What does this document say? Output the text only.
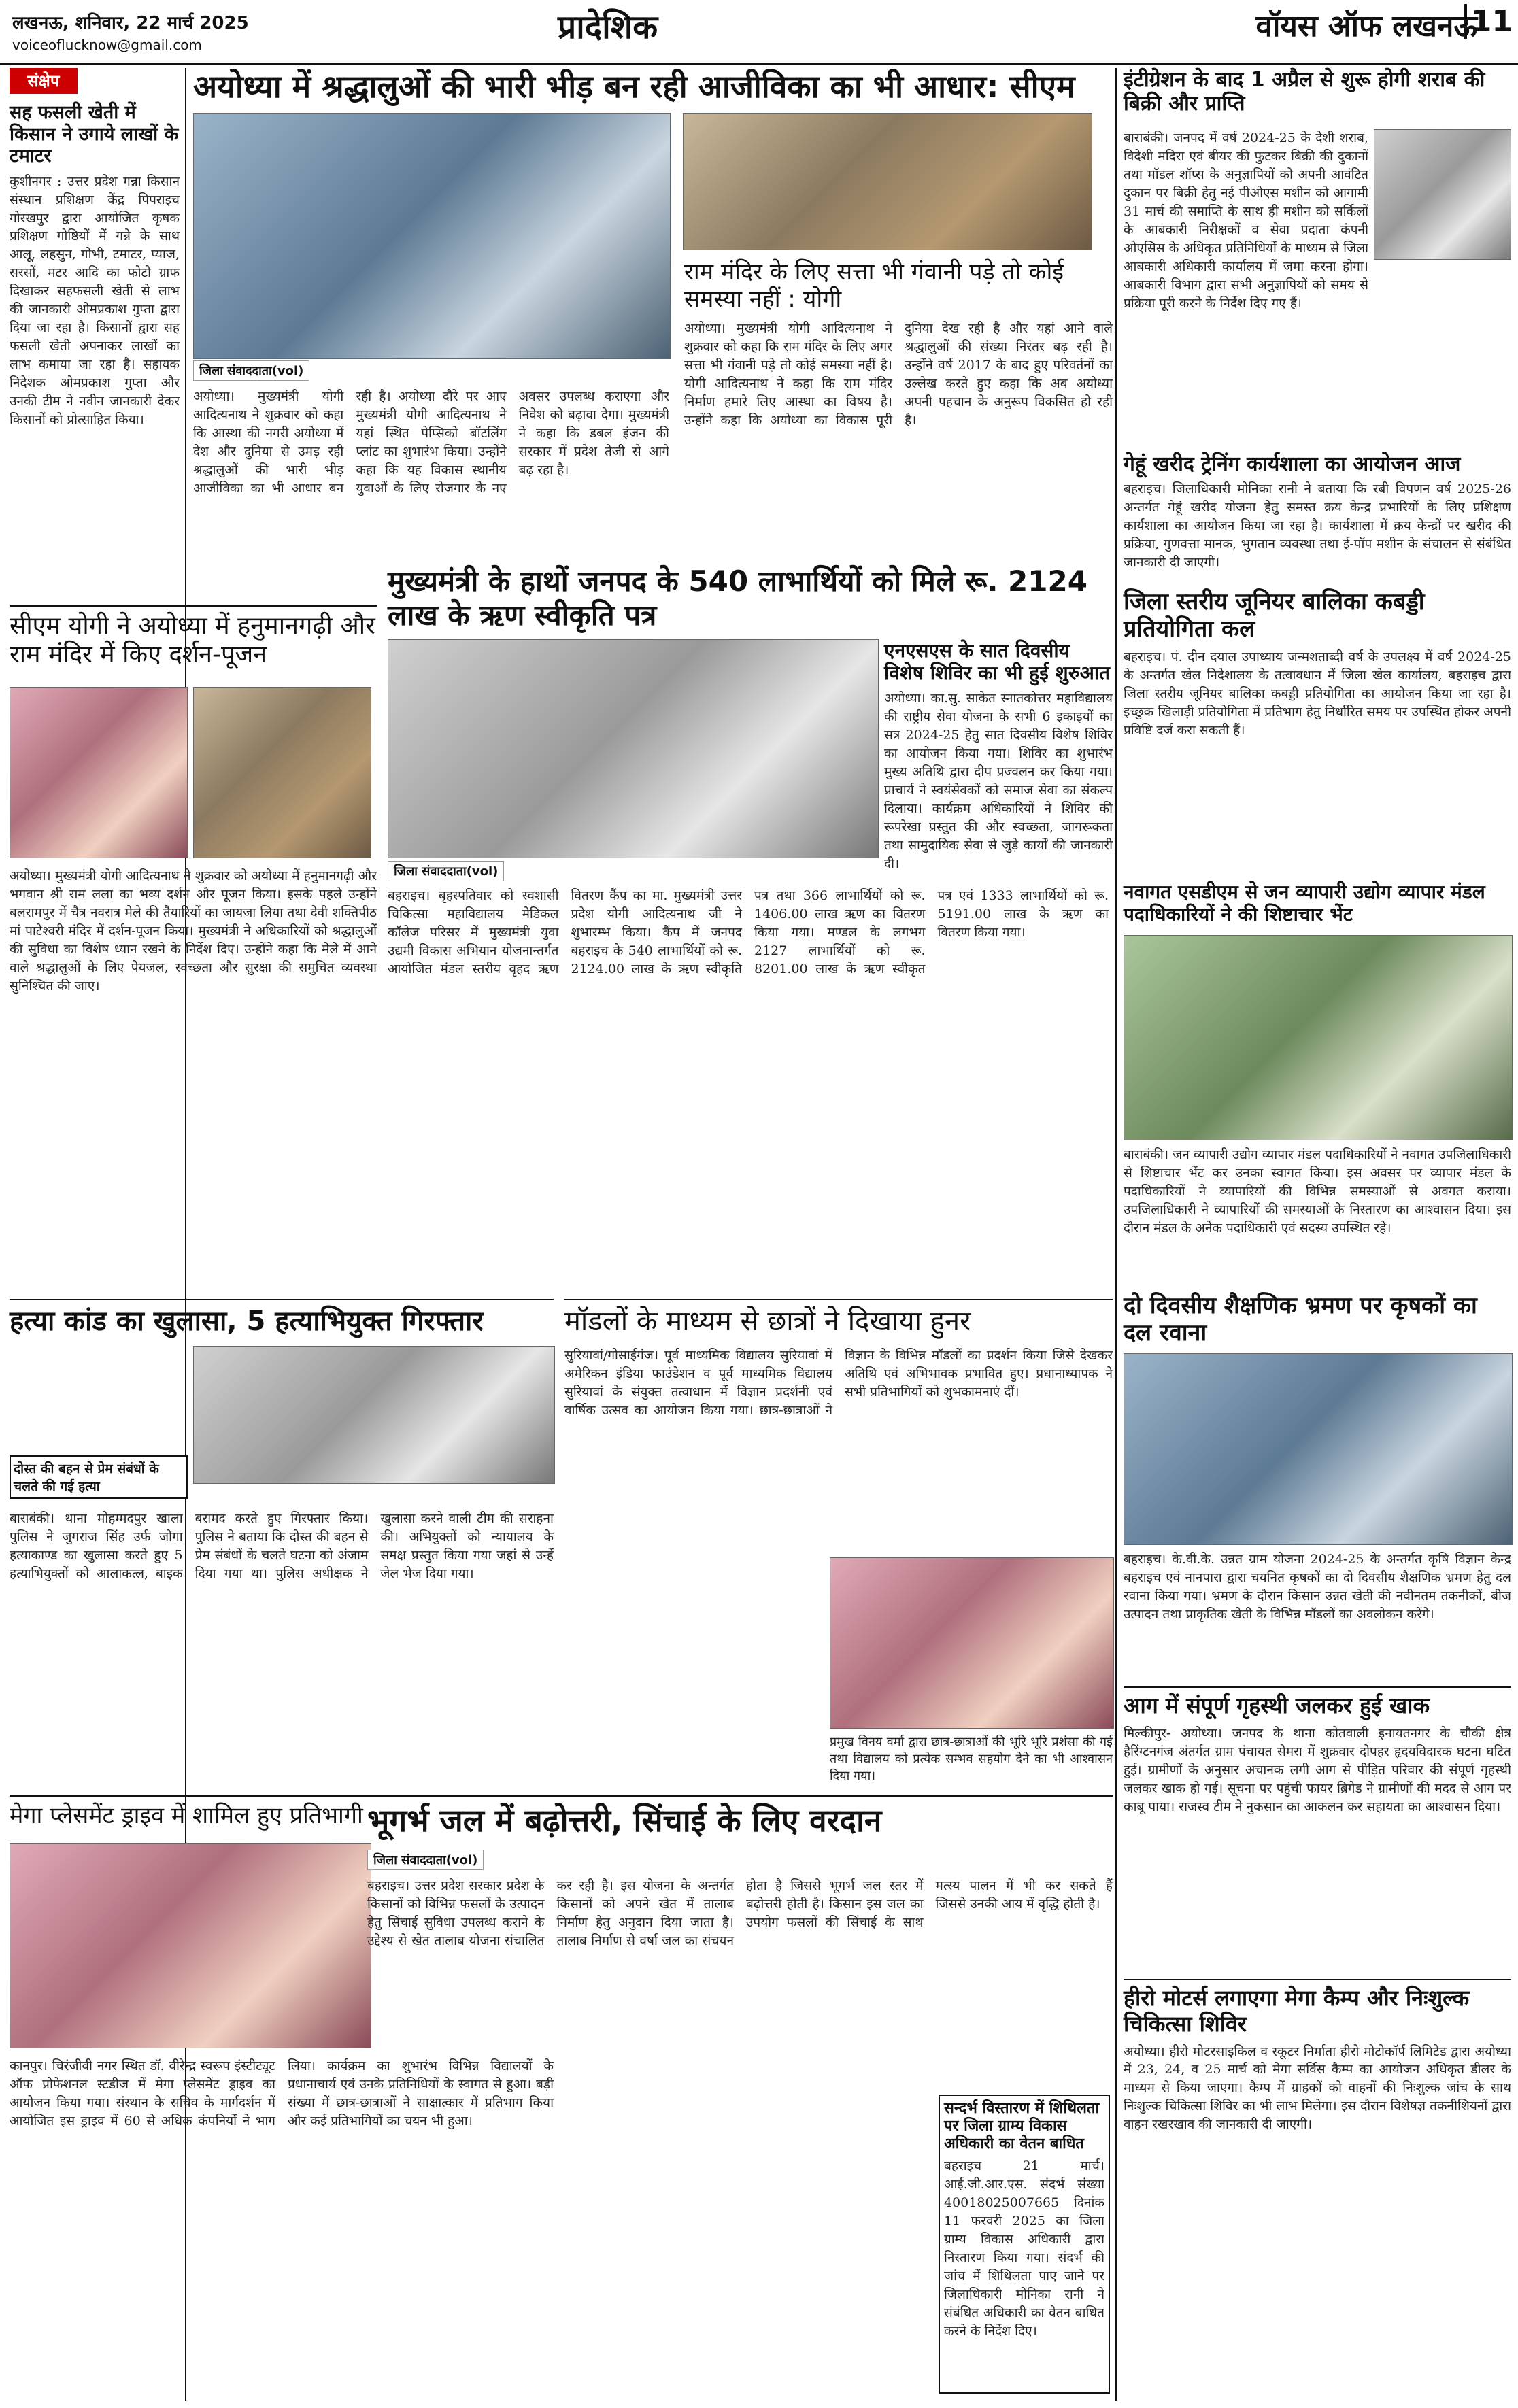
लखनऊ, शनिवार, 22 मार्च 2025
voiceoflucknow@gmail.com	प्रादेशिक	वॉयस ऑफ लखनऊ
11
संक्षेप
सह फसली खेती में किसान ने उगाये लाखों के टमाटर
कुशीनगर : उत्तर प्रदेश गन्ना किसान संस्थान प्रशिक्षण केंद्र पिपराइच गोरखपुर द्वारा आयोजित कृषक प्रशिक्षण गोष्ठियों में गन्ने के साथ आलू, लहसुन, गोभी, टमाटर, प्याज, सरसों, मटर आदि का फोटो ग्राफ दिखाकर सहफसली खेती से लाभ की जानकारी ओमप्रकाश गुप्ता द्वारा दिया जा रहा है। किसानों द्वारा सह फसली खेती अपनाकर लाखों का लाभ कमाया जा रहा है। सहायक निदेशक ओमप्रकाश गुप्ता और उनकी टीम ने नवीन जानकारी देकर किसानों को प्रोत्साहित किया।
अयोध्या में श्रद्धालुओं की भारी भीड़ बन रही आजीविका का भी आधार: सीएम
जिला संवाददाता(vol)
अयोध्या। मुख्यमंत्री योगी आदित्यनाथ ने शुक्रवार को कहा कि आस्था की नगरी अयोध्या में देश और दुनिया से उमड़ रही श्रद्धालुओं की भारी भीड़ आजीविका का भी आधार बन रही है। अयोध्या दौरे पर आए मुख्यमंत्री योगी आदित्यनाथ ने यहां स्थित पेप्सिको बॉटलिंग प्लांट का शुभारंभ किया। उन्होंने कहा कि यह विकास स्थानीय युवाओं के लिए रोजगार के नए अवसर उपलब्ध कराएगा और निवेश को बढ़ावा देगा। मुख्यमंत्री ने कहा कि डबल इंजन की सरकार में प्रदेश तेजी से आगे बढ़ रहा है।
राम मंदिर के लिए सत्ता भी गंवानी पड़े तो कोई समस्या नहीं : योगी
अयोध्या। मुख्यमंत्री योगी आदित्यनाथ ने शुक्रवार को कहा कि राम मंदिर के लिए अगर सत्ता भी गंवानी पड़े तो कोई समस्या नहीं है। योगी आदित्यनाथ ने कहा कि राम मंदिर निर्माण हमारे लिए आस्था का विषय है। उन्होंने कहा कि अयोध्या का विकास पूरी दुनिया देख रही है और यहां आने वाले श्रद्धालुओं की संख्या निरंतर बढ़ रही है। उन्होंने वर्ष 2017 के बाद हुए परिवर्तनों का उल्लेख करते हुए कहा कि अब अयोध्या अपनी पहचान के अनुरूप विकसित हो रही है।
सीएम योगी ने अयोध्या में हनुमानगढ़ी और राम मंदिर में किए दर्शन-पूजन
अयोध्या। मुख्यमंत्री योगी आदित्यनाथ ने शुक्रवार को अयोध्या में हनुमानगढ़ी और भगवान श्री राम लला का भव्य दर्शन और पूजन किया। इसके पहले उन्होंने बलरामपुर में चैत्र नवरात्र मेले की तैयारियों का जायजा लिया तथा देवी शक्तिपीठ मां पाटेश्वरी मंदिर में दर्शन-पूजन किया। मुख्यमंत्री ने अधिकारियों को श्रद्धालुओं की सुविधा का विशेष ध्यान रखने के निर्देश दिए। उन्होंने कहा कि मेले में आने वाले श्रद्धालुओं के लिए पेयजल, स्वच्छता और सुरक्षा की समुचित व्यवस्था सुनिश्चित की जाए।
मुख्यमंत्री के हाथों जनपद के 540 लाभार्थियों को मिले रू. 2124 लाख के ऋण स्वीकृति पत्र
जिला संवाददाता(vol)
बहराइच। बृहस्पतिवार को स्वशासी चिकित्सा महाविद्यालय मेडिकल कॉलेज परिसर में मुख्यमंत्री युवा उद्यमी विकास अभियान योजनान्तर्गत आयोजित मंडल स्तरीय वृहद ऋण वितरण कैंप का मा. मुख्यमंत्री उत्तर प्रदेश योगी आदित्यनाथ जी ने शुभारम्भ किया। कैंप में जनपद बहराइच के 540 लाभार्थियों को रू. 2124.00 लाख के ऋण स्वीकृति पत्र तथा 366 लाभार्थियों को रू. 1406.00 लाख ऋण का वितरण किया गया। मण्डल के लगभग 2127 लाभार्थियों को रू. 8201.00 लाख के ऋण स्वीकृत पत्र एवं 1333 लाभार्थियों को रू. 5191.00 लाख के ऋण का वितरण किया गया।
एनएसएस के सात दिवसीय विशेष शिविर का भी हुई शुरुआत
अयोध्या। का.सु. साकेत स्नातकोत्तर महाविद्यालय की राष्ट्रीय सेवा योजना के सभी 6 इकाइयों का सत्र 2024-25 हेतु सात दिवसीय विशेष शिविर का आयोजन किया गया। शिविर का शुभारंभ मुख्य अतिथि द्वारा दीप प्रज्वलन कर किया गया। प्राचार्य ने स्वयंसेवकों को समाज सेवा का संकल्प दिलाया। कार्यक्रम अधिकारियों ने शिविर की रूपरेखा प्रस्तुत की और स्वच्छता, जागरूकता तथा सामुदायिक सेवा से जुड़े कार्यों की जानकारी दी।
इंटीग्रेशन के बाद 1 अप्रैल से शुरू होगी शराब की बिक्री और प्राप्ति
बाराबंकी। जनपद में वर्ष 2024-25 के देशी शराब, विदेशी मदिरा एवं बीयर की फुटकर बिक्री की दुकानों तथा मॉडल शॉप्स के अनुज्ञापियों को अपनी आवंटित दुकान पर बिक्री हेतु नई पीओएस मशीन को आगामी 31 मार्च की समाप्ति के साथ ही मशीन को सर्किलों के आबकारी निरीक्षकों व सेवा प्रदाता कंपनी ओएसिस के अधिकृत प्रतिनिधियों के माध्यम से जिला आबकारी अधिकारी कार्यालय में जमा करना होगा। आबकारी विभाग द्वारा सभी अनुज्ञापियों को समय से प्रक्रिया पूरी करने के निर्देश दिए गए हैं।
गेहूं खरीद ट्रेनिंग कार्यशाला का आयोजन आज
बहराइच। जिलाधिकारी मोनिका रानी ने बताया कि रबी विपणन वर्ष 2025-26 अन्तर्गत गेहूं खरीद योजना हेतु समस्त क्रय केन्द्र प्रभारियों के लिए प्रशिक्षण कार्यशाला का आयोजन किया जा रहा है। कार्यशाला में क्रय केन्द्रों पर खरीद की प्रक्रिया, गुणवत्ता मानक, भुगतान व्यवस्था तथा ई-पॉप मशीन के संचालन से संबंधित जानकारी दी जाएगी।
जिला स्तरीय जूनियर बालिका कबड्डी प्रतियोगिता कल
बहराइच। पं. दीन दयाल उपाध्याय जन्मशताब्दी वर्ष के उपलक्ष्य में वर्ष 2024-25 के अन्तर्गत खेल निदेशालय के तत्वावधान में जिला खेल कार्यालय, बहराइच द्वारा जिला स्तरीय जूनियर बालिका कबड्डी प्रतियोगिता का आयोजन किया जा रहा है। इच्छुक खिलाड़ी प्रतियोगिता में प्रतिभाग हेतु निर्धारित समय पर उपस्थित होकर अपनी प्रविष्टि दर्ज करा सकती हैं।
नवागत एसडीएम से जन व्यापारी उद्योग व्यापार मंडल पदाधिकारियों ने की शिष्टाचार भेंट
बाराबंकी। जन व्यापारी उद्योग व्यापार मंडल पदाधिकारियों ने नवागत उपजिलाधिकारी से शिष्टाचार भेंट कर उनका स्वागत किया। इस अवसर पर व्यापार मंडल के पदाधिकारियों ने व्यापारियों की विभिन्न समस्याओं से अवगत कराया। उपजिलाधिकारी ने व्यापारियों की समस्याओं के निस्तारण का आश्वासन दिया। इस दौरान मंडल के अनेक पदाधिकारी एवं सदस्य उपस्थित रहे।
दो दिवसीय शैक्षणिक भ्रमण पर कृषकों का दल रवाना
बहराइच। के.वी.के. उन्नत ग्राम योजना 2024-25 के अन्तर्गत कृषि विज्ञान केन्द्र बहराइच एवं नानपारा द्वारा चयनित कृषकों का दो दिवसीय शैक्षणिक भ्रमण हेतु दल रवाना किया गया। भ्रमण के दौरान किसान उन्नत खेती की नवीनतम तकनीकों, बीज उत्पादन तथा प्राकृतिक खेती के विभिन्न मॉडलों का अवलोकन करेंगे।
हत्या कांड का खुलासा, 5 हत्याभियुक्त गिरफ्तार
दोस्त की बहन से प्रेम संबंधों के चलते की गई हत्या
बाराबंकी। थाना मोहम्मदपुर खाला पुलिस ने जुगराज सिंह उर्फ जोगा हत्याकाण्ड का खुलासा करते हुए 5 हत्याभियुक्तों को आलाकत्ल, बाइक बरामद करते हुए गिरफ्तार किया। पुलिस ने बताया कि दोस्त की बहन से प्रेम संबंधों के चलते घटना को अंजाम दिया गया था। पुलिस अधीक्षक ने खुलासा करने वाली टीम की सराहना की। अभियुक्तों को न्यायालय के समक्ष प्रस्तुत किया गया जहां से उन्हें जेल भेज दिया गया।
मॉडलों के माध्यम से छात्रों ने दिखाया हुनर
सुरियावां/गोसाईगंज। पूर्व माध्यमिक विद्यालय सुरियावां में अमेरिकन इंडिया फाउंडेशन व पूर्व माध्यमिक विद्यालय सुरियावां के संयुक्त तत्वाधान में विज्ञान प्रदर्शनी एवं वार्षिक उत्सव का आयोजन किया गया। छात्र-छात्राओं ने विज्ञान के विभिन्न मॉडलों का प्रदर्शन किया जिसे देखकर अतिथि एवं अभिभावक प्रभावित हुए। प्रधानाध्यापक ने सभी प्रतिभागियों को शुभकामनाएं दीं।
प्रमुख विनय वर्मा द्वारा छात्र-छात्राओं की भूरि भूरि प्रशंसा की गई तथा विद्यालय को प्रत्येक सम्भव सहयोग देने का भी आश्वासन दिया गया।
मेगा प्लेसमेंट ड्राइव में शामिल हुए प्रतिभागी
कानपुर। चिरंजीवी नगर स्थित डॉ. वीरेन्द्र स्वरूप इंस्टीट्यूट ऑफ प्रोफेशनल स्टडीज में मेगा प्लेसमेंट ड्राइव का आयोजन किया गया। संस्थान के सचिव के मार्गदर्शन में आयोजित इस ड्राइव में 60 से अधिक कंपनियों ने भाग लिया। कार्यक्रम का शुभारंभ विभिन्न विद्यालयों के प्रधानाचार्य एवं उनके प्रतिनिधियों के स्वागत से हुआ। बड़ी संख्या में छात्र-छात्राओं ने साक्षात्कार में प्रतिभाग किया और कई प्रतिभागियों का चयन भी हुआ।
भूगर्भ जल में बढ़ोत्तरी, सिंचाई के लिए वरदान
जिला संवाददाता(vol)
बहराइच। उत्तर प्रदेश सरकार प्रदेश के किसानों को विभिन्न फसलों के उत्पादन हेतु सिंचाई सुविधा उपलब्ध कराने के उद्देश्य से खेत तालाब योजना संचालित कर रही है। इस योजना के अन्तर्गत किसानों को अपने खेत में तालाब निर्माण हेतु अनुदान दिया जाता है। तालाब निर्माण से वर्षा जल का संचयन होता है जिससे भूगर्भ जल स्तर में बढ़ोत्तरी होती है। किसान इस जल का उपयोग फसलों की सिंचाई के साथ मत्स्य पालन में भी कर सकते हैं जिससे उनकी आय में वृद्धि होती है।
सन्दर्भ विस्तारण में शिथिलता पर जिला ग्राम्य विकास अधिकारी का वेतन बाधित
बहराइच 21 मार्च। आई.जी.आर.एस. संदर्भ संख्या 40018025007665 दिनांक 11 फरवरी 2025 का जिला ग्राम्य विकास अधिकारी द्वारा निस्तारण किया गया। संदर्भ की जांच में शिथिलता पाए जाने पर जिलाधिकारी मोनिका रानी ने संबंधित अधिकारी का वेतन बाधित करने के निर्देश दिए।
आग में संपूर्ण गृहस्थी जलकर हुई खाक
मिल्कीपुर- अयोध्या। जनपद के थाना कोतवाली इनायतनगर के चौकी क्षेत्र हैरिंग्टनगंज अंतर्गत ग्राम पंचायत सेमरा में शुक्रवार दोपहर हृदयविदारक घटना घटित हुई। ग्रामीणों के अनुसार अचानक लगी आग से पीड़ित परिवार की संपूर्ण गृहस्थी जलकर खाक हो गई। सूचना पर पहुंची फायर ब्रिगेड ने ग्रामीणों की मदद से आग पर काबू पाया। राजस्व टीम ने नुकसान का आकलन कर सहायता का आश्वासन दिया।
हीरो मोटर्स लगाएगा मेगा कैम्प और निःशुल्क चिकित्सा शिविर
अयोध्या। हीरो मोटरसाइकिल व स्कूटर निर्माता हीरो मोटोकॉर्प लिमिटेड द्वारा अयोध्या में 23, 24, व 25 मार्च को मेगा सर्विस कैम्प का आयोजन अधिकृत डीलर के माध्यम से किया जाएगा। कैम्प में ग्राहकों को वाहनों की निःशुल्क जांच के साथ निःशुल्क चिकित्सा शिविर का भी लाभ मिलेगा। इस दौरान विशेषज्ञ तकनीशियनों द्वारा वाहन रखरखाव की जानकारी दी जाएगी।
